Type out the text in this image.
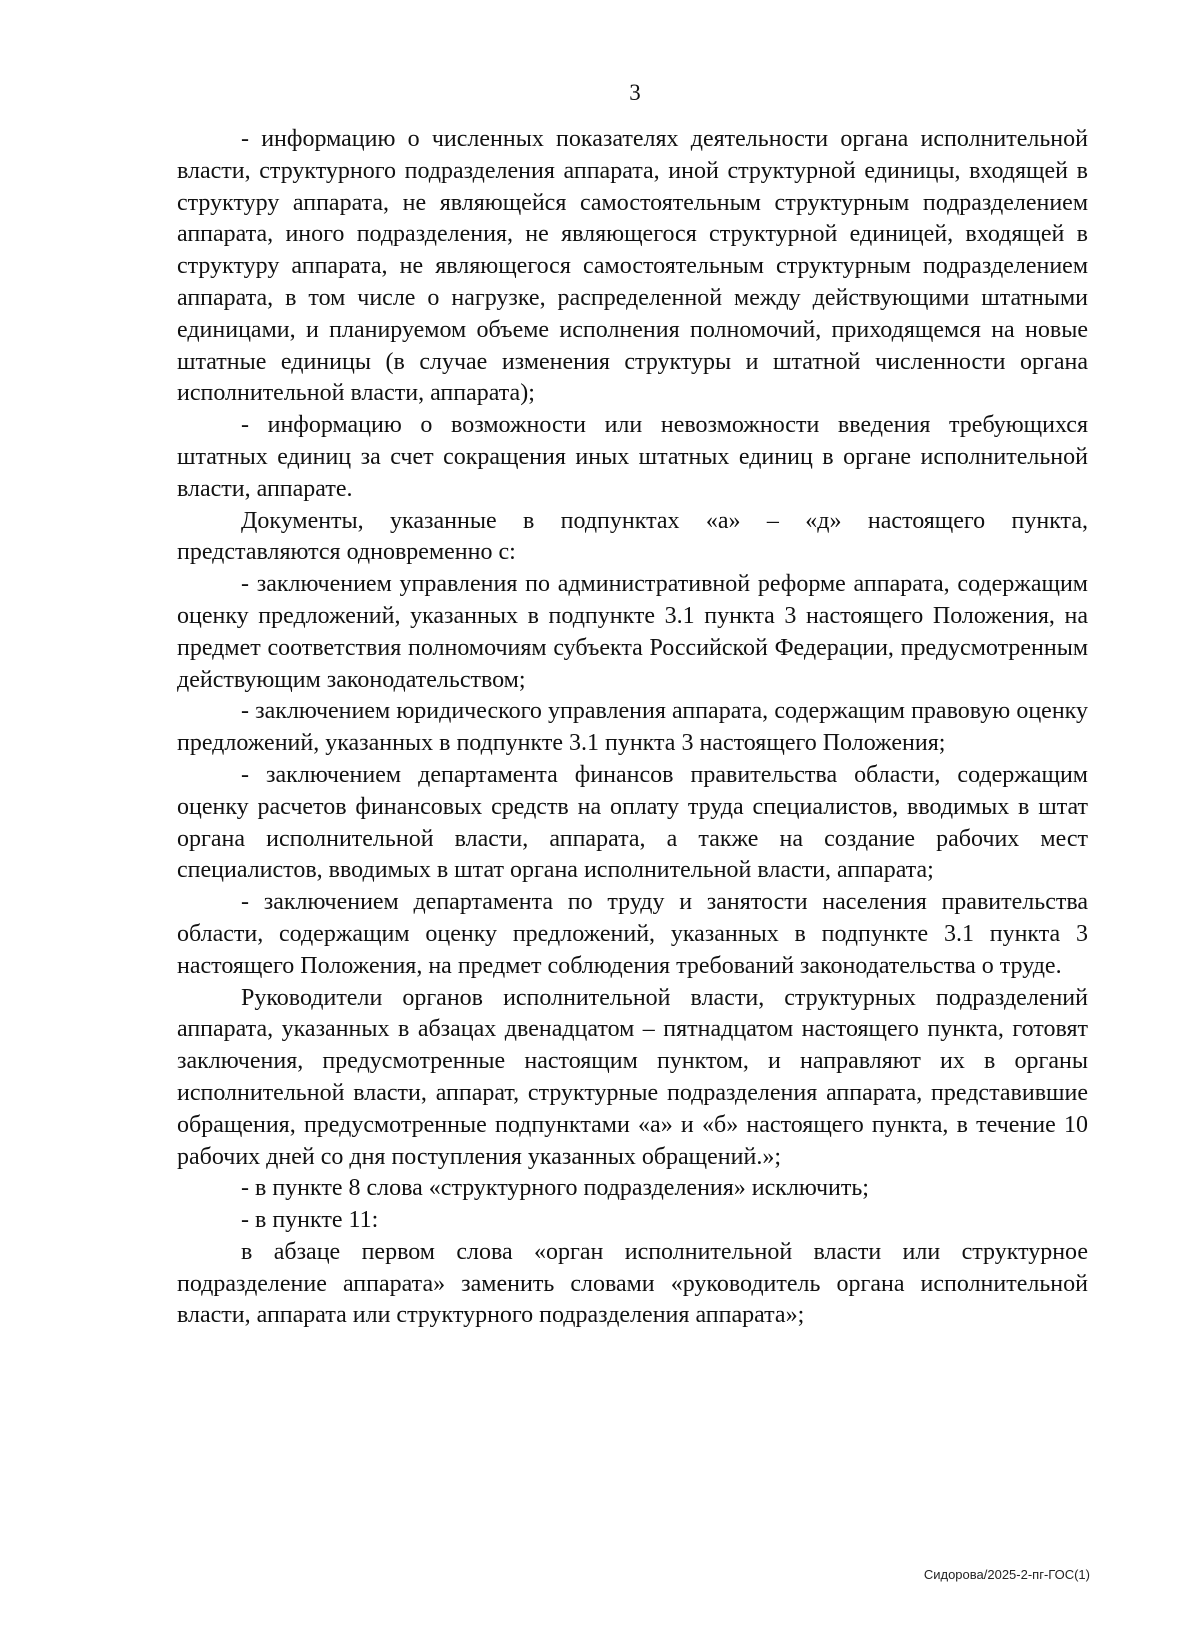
3

- информацию о численных показателях деятельности органа исполнительной власти, структурного подразделения аппарата, иной структурной единицы, входящей в структуру аппарата, не являющейся самостоятельным структурным подразделением аппарата, иного подразделения, не являющегося структурной единицей, входящей в структуру аппарата, не являющегося самостоятельным структурным подразделением аппарата, в том числе о нагрузке, распределенной между действующими штатными единицами, и планируемом объеме исполнения полномочий, приходящемся на новые штатные единицы (в случае изменения структуры и штатной численности органа исполнительной власти, аппарата);

- информацию о возможности или невозможности введения требующихся штатных единиц за счет сокращения иных штатных единиц в органе исполнительной власти, аппарате.

Документы, указанные в подпунктах «а» – «д» настоящего пункта, представляются одновременно с:

- заключением управления по административной реформе аппарата, содержащим оценку предложений, указанных в подпункте 3.1 пункта 3 настоящего Положения, на предмет соответствия полномочиям субъекта Российской Федерации, предусмотренным действующим законодательством;

- заключением юридического управления аппарата, содержащим правовую оценку предложений, указанных в подпункте 3.1 пункта 3 настоящего Положения;

- заключением департамента финансов правительства области, содержащим оценку расчетов финансовых средств на оплату труда специалистов, вводимых в штат органа исполнительной власти, аппарата, а также на создание рабочих мест специалистов, вводимых в штат органа исполнительной власти, аппарата;

- заключением департамента по труду и занятости населения правительства области, содержащим оценку предложений, указанных в подпункте 3.1 пункта 3 настоящего Положения, на предмет соблюдения требований законодательства о труде.

Руководители органов исполнительной власти, структурных подразделений аппарата, указанных в абзацах двенадцатом – пятнадцатом настоящего пункта, готовят заключения, предусмотренные настоящим пунктом, и направляют их в органы исполнительной власти, аппарат, структурные подразделения аппарата, представившие обращения, предусмотренные подпунктами «а» и «б» настоящего пункта, в течение 10 рабочих дней со дня поступления указанных обращений.»;

- в пункте 8 слова «структурного подразделения» исключить;

- в пункте 11:

в абзаце первом слова «орган исполнительной власти или структурное подразделение аппарата» заменить словами «руководитель органа исполнительной власти, аппарата или структурного подразделения аппарата»;

Сидорова/2025-2-пг-ГОС(1)
